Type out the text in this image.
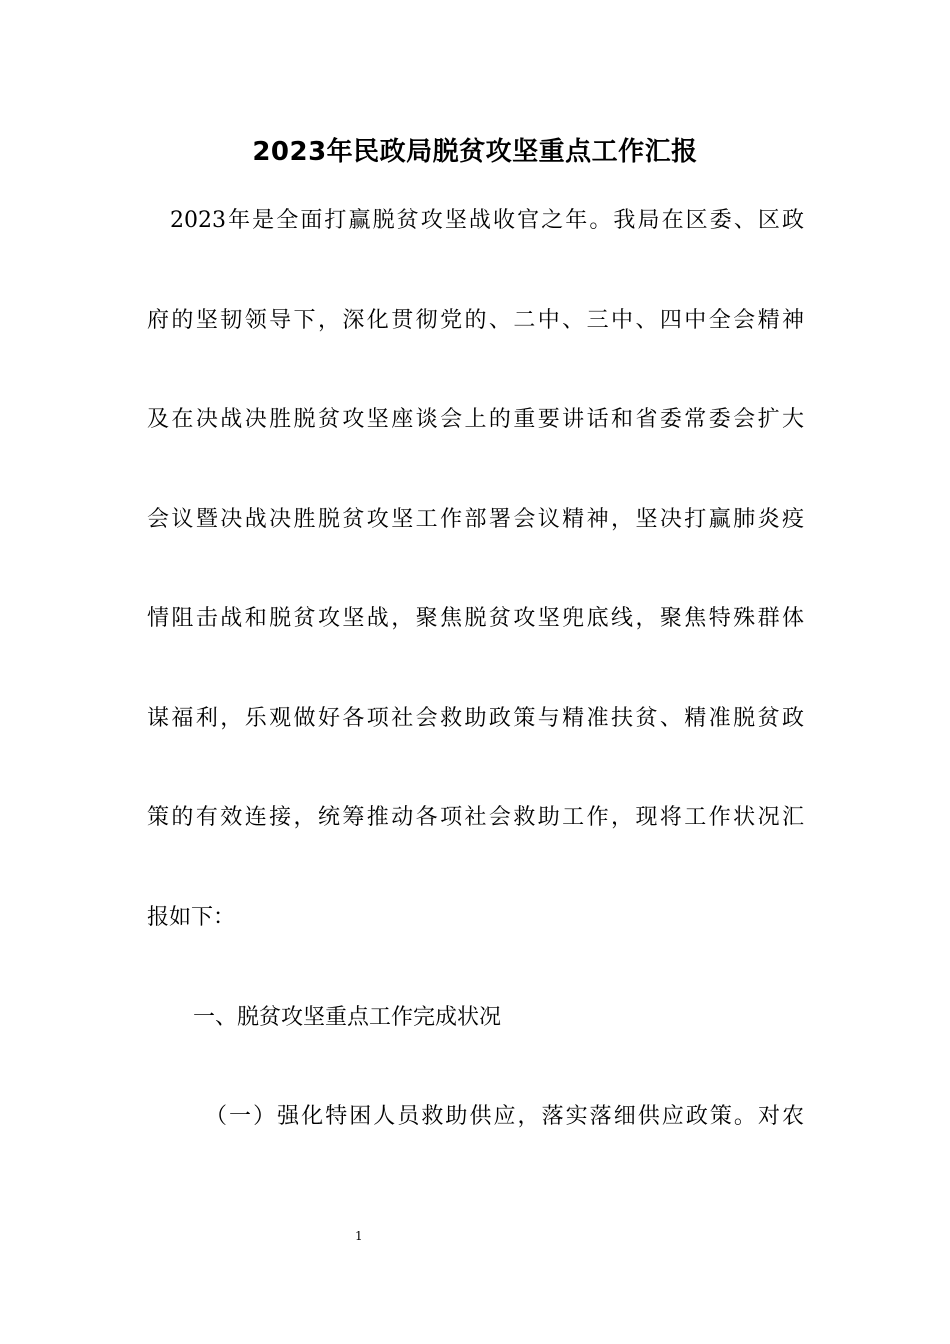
2023年民政局脱贫攻坚重点工作汇报
2023年是全面打赢脱贫攻坚战收官之年。我局在区委、区政
府的坚韧领导下，深化贯彻党的、二中、三中、四中全会精神
及在决战决胜脱贫攻坚座谈会上的重要讲话和省委常委会扩大
会议暨决战决胜脱贫攻坚工作部署会议精神，坚决打赢肺炎疫
情阻击战和脱贫攻坚战，聚焦脱贫攻坚兜底线，聚焦特殊群体
谋福利，乐观做好各项社会救助政策与精准扶贫、精准脱贫政
策的有效连接，统筹推动各项社会救助工作，现将工作状况汇
报如下：
一、脱贫攻坚重点工作完成状况
（一）强化特困人员救助供应，落实落细供应政策。对农
1
